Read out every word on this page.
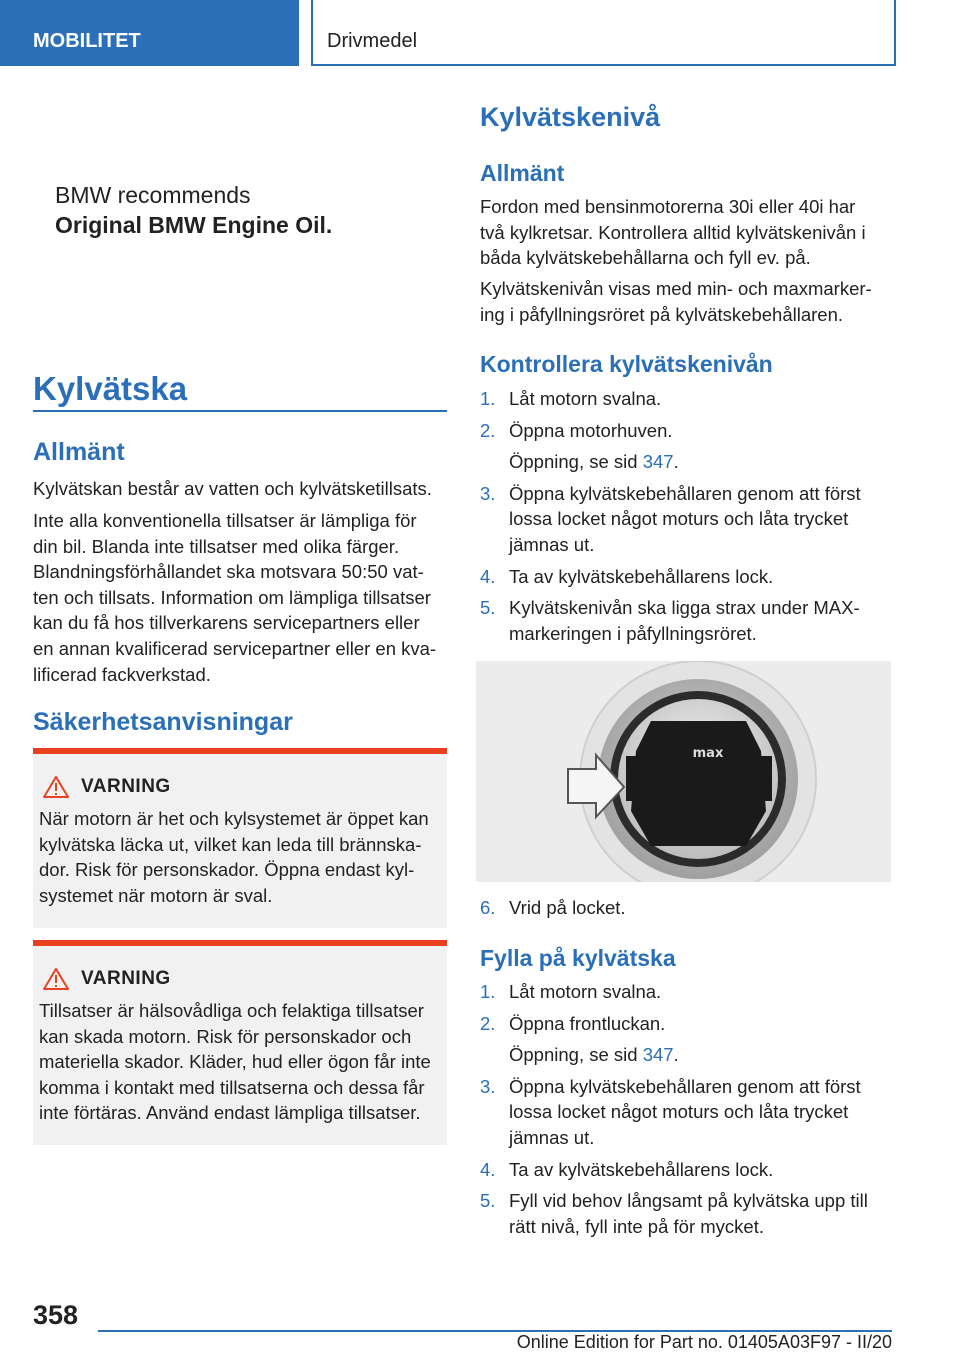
MOBILITET	Drivmedel
BMW recommends
Original BMW Engine Oil.
Kylvätska
Allmänt

Kylvätskan består av vatten och kylvätsketillsats.

Inte alla konventionella tillsatser är lämpliga för

din bil. Blanda inte tillsatser med olika färger.

Blandningsförhållandet ska motsvara 50:50 vat-

ten och tillsats. Information om lämpliga tillsatser

kan du få hos tillverkarens servicepartners eller

en annan kvalificerad servicepartner eller en kva-

lificerad fackverkstad.

Säkerhetsanvisningar
VARNING
När motorn är het och kylsystemet är öppet kan
kylvätska läcka ut, vilket kan leda till brännska-
dor. Risk för personskador. Öppna endast kyl-
systemet när motorn är sval.
VARNING
Tillsatser är hälsovådliga och felaktiga tillsatser
kan skada motorn. Risk för personskador och
materiella skador. Kläder, hud eller ögon får inte
komma i kontakt med tillsatserna och dessa får
inte förtäras. Använd endast lämpliga tillsatser.
Kylvätskenivå
Allmänt

Fordon med bensinmotorerna 30i eller 40i har

två kylkretsar. Kontrollera alltid kylvätskenivån i

båda kylvätskebehållarna och fyll ev. på.

Kylvätskenivån visas med min- och maxmarker-

ing i påfyllningsröret på kylvätskebehållaren.

Kontrollera kylvätskenivån
1. Låt motorn svalna.
2. Öppna motorhuven.
Öppning, se sid 347.
3. Öppna kylvätskebehållaren genom att först
lossa locket något moturs och låta trycket
jämnas ut.
4. Ta av kylvätskebehållarens lock.
5. Kylvätskenivån ska ligga strax under MAX-
markeringen i påfyllningsröret.
max
6. Vrid på locket.
Fylla på kylvätska
1. Låt motorn svalna.
2. Öppna frontluckan.
Öppning, se sid 347.
3. Öppna kylvätskebehållaren genom att först
lossa locket något moturs och låta trycket
jämnas ut.
4. Ta av kylvätskebehållarens lock.
5. Fyll vid behov långsamt på kylvätska upp till
rätt nivå, fyll inte på för mycket.
358
Online Edition for Part no. 01405A03F97 - II/20
